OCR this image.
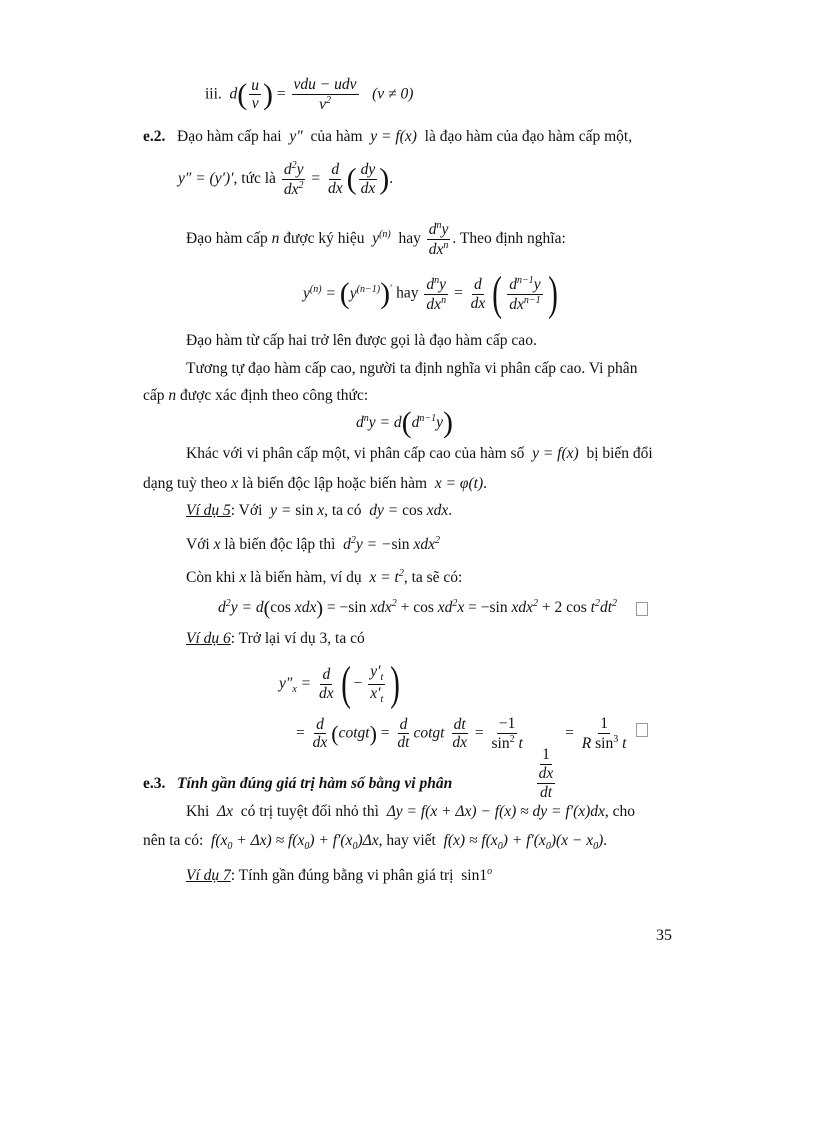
iii.  $d( \frac{u}{v}$ ) = $\frac{\text{vdu − udv}}{v^2} (v \ne 0)$
e.2. Đạo hàm cấp hai  y″  của hàm  y = f(x)  là đạo hàm của đạo hàm cấp một,
y″ = (y′)′, tức là $\frac{d^2y}{dx^2} = \frac{d}{dx}$ ( $\frac{dy}{dx}$ ).
Đạo hàm cấp n được ký hiệu  $y^{(n)}$ hay $\frac{d^ny}{dx^n}$ . Theo định nghĩa:
$y^{(n)} = (y^{(n-1)})'$ hay $\frac{d^ny}{dx^n} = \frac{d}{dx}$ ( $\frac{d^{n-1}y}{dx^{n-1}}$ )
Đạo hàm từ cấp hai trở lên được gọi là đạo hàm cấp cao.
Tương tự đạo hàm cấp cao, người ta định nghĩa vi phân cấp cao. Vi phân
cấp n được xác định theo công thức:
$d^ny = d(d^{n-1}y)$
Khác với vi phân cấp một, vi phân cấp cao của hàm số  y = f(x)  bị biến đổi
dạng tuỳ theo x là biến độc lập hoặc biến hàm  x = φ(t).
Ví dụ 5: Với  y = sin x, ta có  dy = cos xdx.
Với x là biến độc lập thì  $d^2y = -\sin$ xdx$^2$
Còn khi x là biến hàm, ví dụ  $x = t^2$, ta sẽ có:
$d^2y = d(\cos$ xdx) = −sin $xdx^2 + \cos xd^2x = -\sin$ xdx$^2$ + 2 $\cos t^2dt^2$
Ví dụ 6: Trở lại ví dụ 3, ta có
$y''_x = \frac{d}{dx}$ ( − $\frac{y'_t}{x'_t}$ )
= $\frac{d}{dx}$ (cotgt) = $\frac{d}{dt}$ cotgt $\frac{dt}{dx} = \frac{-1}{\sin^2 t}$

$\frac{1}{\frac{dx}{dt}}$
= $\frac{1}{R \sin^3 t}$
e.3. Tính gần đúng giá trị hàm số bằng vi phân
Khi  Δx  có trị tuyệt đối nhỏ thì  Δy = f(x + Δx) − f(x) ≈ dy = f′(x)dx, cho
nên ta có:  $f(x_0 + \Delta x) \approx f(x_0) + f'(x_0)\Delta x$, hay viết  $f(x) \approx f(x_0) + f'(x_0)(x - x_0)$.
Ví dụ 7: Tính gần đúng bằng vi phân giá trị  sin1$^o$
35
